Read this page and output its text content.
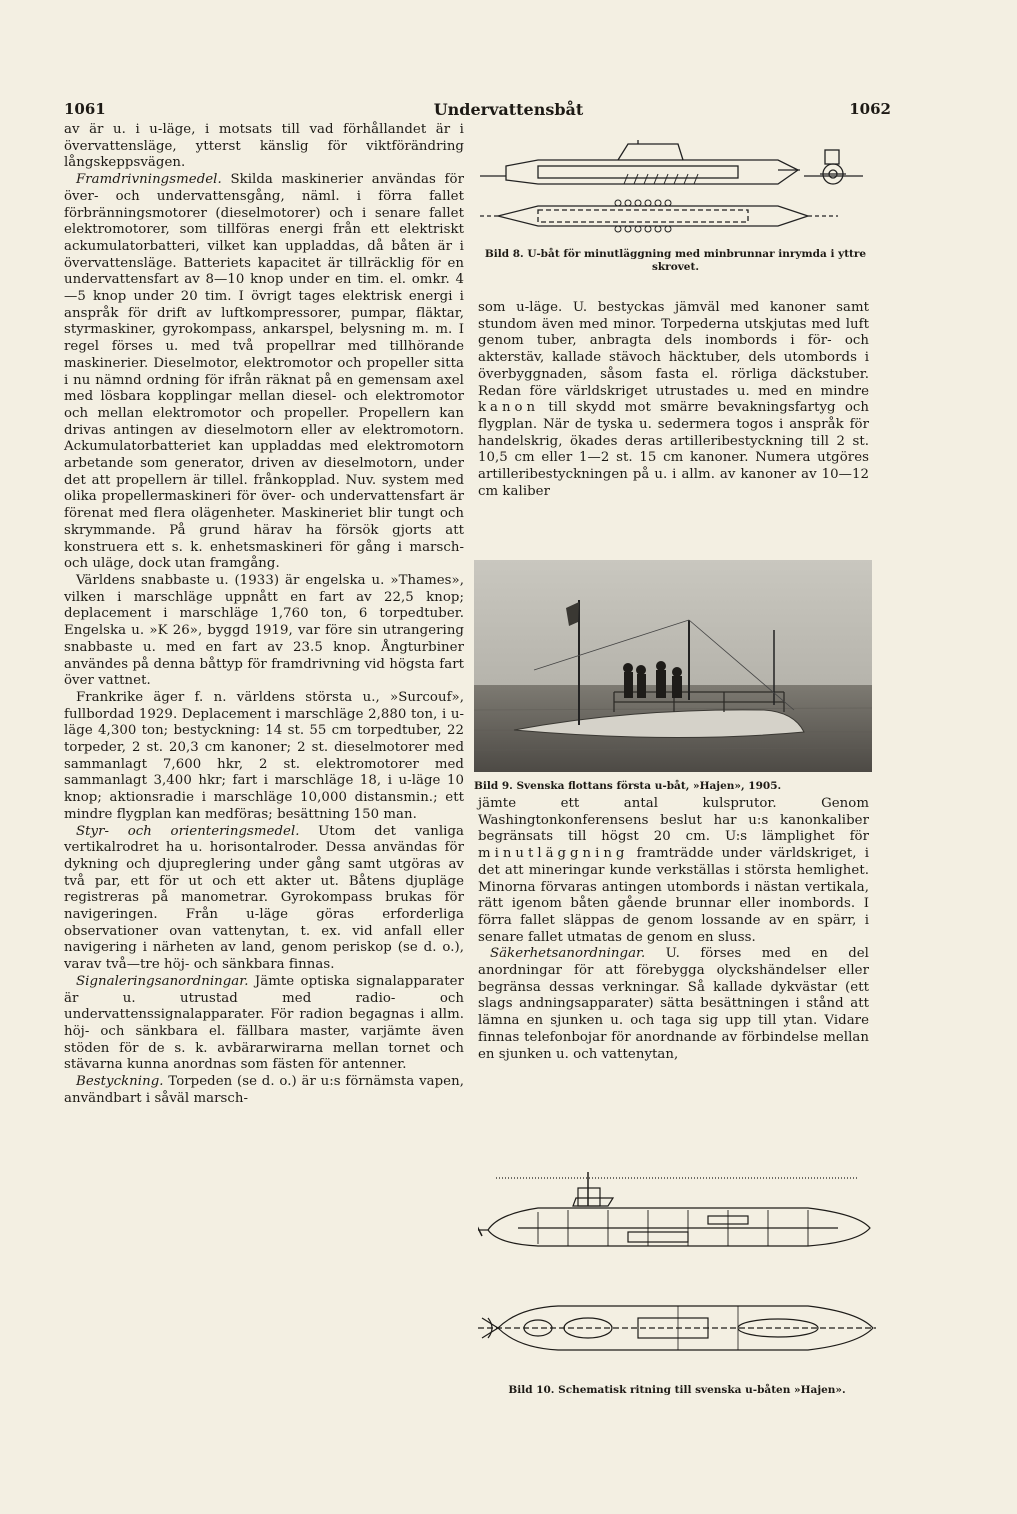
1061	Undervattensbåt	1062

av är u. i u-läge, i motsats till vad förhållandet är i övervattensläge, ytterst känslig för viktförändring långskeppsvägen.

Framdrivningsmedel. Skilda maskinerier användas för över- och undervattensgång, näml. i förra fallet förbränningsmotorer (dieselmotorer) och i senare fallet elektromotorer, som tillföras energi från ett elektriskt ackumulatorbatteri, vilket kan uppladdas, då båten är i övervattensläge. Batteriets kapacitet är tillräcklig för en undervattensfart av 8—10 knop under en tim. el. omkr. 4—5 knop under 20 tim. I övrigt tages elektrisk energi i anspråk för drift av luftkompressorer, pumpar, fläktar, styrmaskiner, gyrokompass, ankarspel, belysning m. m. I regel förses u. med två propellrar med tillhörande maskinerier. Dieselmotor, elektromotor och propeller sitta i nu nämnd ordning för ifrån räknat på en gemensam axel med lösbara kopplingar mellan diesel- och elektromotor och mellan elektromotor och propeller. Propellern kan drivas antingen av dieselmotorn eller av elektromotorn. Ackumulatorbatteriet kan uppladdas med elektromotorn arbetande som generator, driven av dieselmotorn, under det att propellern är tillel. frånkopplad. Nuv. system med olika propellermaskineri för över- och undervattensfart är förenat med flera olägenheter. Maskineriet blir tungt och skrymmande. På grund härav ha försök gjorts att konstruera ett s. k. enhetsmaskineri för gång i marsch- och uläge, dock utan framgång.

Världens snabbaste u. (1933) är engelska u. »Thames», vilken i marschläge uppnått en fart av 22,5 knop; deplacement i marschläge 1,760 ton, 6 torpedtuber. Engelska u. »K 26», byggd 1919, var före sin utrangering snabbaste u. med en fart av 23.5 knop. Ångturbiner användes på denna båttyp för framdrivning vid högsta fart över vattnet.

Frankrike äger f. n. världens största u., »Surcouf», fullbordad 1929. Deplacement i marschläge 2,880 ton, i u-läge 4,300 ton; bestyckning: 14 st. 55 cm torpedtuber, 22 torpeder, 2 st. 20,3 cm kanoner; 2 st. dieselmotorer med sammanlagt 7,600 hkr, 2 st. elektromotorer med sammanlagt 3,400 hkr; fart i marschläge 18, i u-läge 10 knop; aktionsradie i marschläge 10,000 distansmin.; ett mindre flygplan kan medföras; besättning 150 man.

Styr- och orienteringsmedel. Utom det vanliga vertikalrodret ha u. horisontalroder. Dessa användas för dykning och djupreglering under gång samt utgöras av två par, ett för ut och ett akter ut. Båtens djupläge registreras på manometrar. Gyrokompass brukas för navigeringen. Från u-läge göras erforderliga observationer ovan vattenytan, t. ex. vid anfall eller navigering i närheten av land, genom periskop (se d. o.), varav två—tre höj- och sänkbara finnas.

Signaleringsanordningar. Jämte optiska signalapparater är u. utrustad med radio- och undervattenssignalapparater. För radion begagnas i allm. höj- och sänkbara el. fällbara master, varjämte även stöden för de s. k. avbärarwirarna mellan tornet och stävarna kunna anordnas som fästen för antenner.

Bestyckning. Torpeden (se d. o.) är u:s förnämsta vapen, användbart i såväl marsch-

Bild 8. U-båt för minutläggning med minbrunnar inrymda i yttre skrovet.

som u-läge. U. bestyckas jämväl med kanoner samt stundom även med minor. Torpederna utskjutas med luft genom tuber, anbragta dels inombords i för- och akterstäv, kallade stävoch häcktuber, dels utombords i överbyggnaden, såsom fasta el. rörliga däckstuber. Redan före världskriget utrustades u. med en mindre kanon till skydd mot smärre bevakningsfartyg och flygplan. När de tyska u. sedermera togos i anspråk för handelskrig, ökades deras artilleribestyckning till 2 st. 10,5 cm eller 1—2 st. 15 cm kanoner. Numera utgöres artilleribestyckningen på u. i allm. av kanoner av 10—12 cm kaliber

Bild 9. Svenska flottans första u-båt, »Hajen», 1905.

jämte ett antal kulsprutor. Genom Washingtonkonferensens beslut har u:s kanonkaliber begränsats till högst 20 cm. U:s lämplighet för minutläggning framträdde under världskriget, i det att mineringar kunde verkställas i största hemlighet. Minorna förvaras antingen utombords i nästan vertikala, rätt igenom båten gående brunnar eller inombords. I förra fallet släppas de genom lossande av en spärr, i senare fallet utmatas de genom en sluss.

Säkerhetsanordningar. U. förses med en del anordningar för att förebygga olyckshändelser eller begränsa dessas verkningar. Så kallade dykvästar (ett slags andningsapparater) sätta besättningen i stånd att lämna en sjunken u. och taga sig upp till ytan. Vidare finnas telefonbojar för anordnande av förbindelse mellan en sjunken u. och vattenytan,

Bild 10. Schematisk ritning till svenska u-båten »Hajen».
